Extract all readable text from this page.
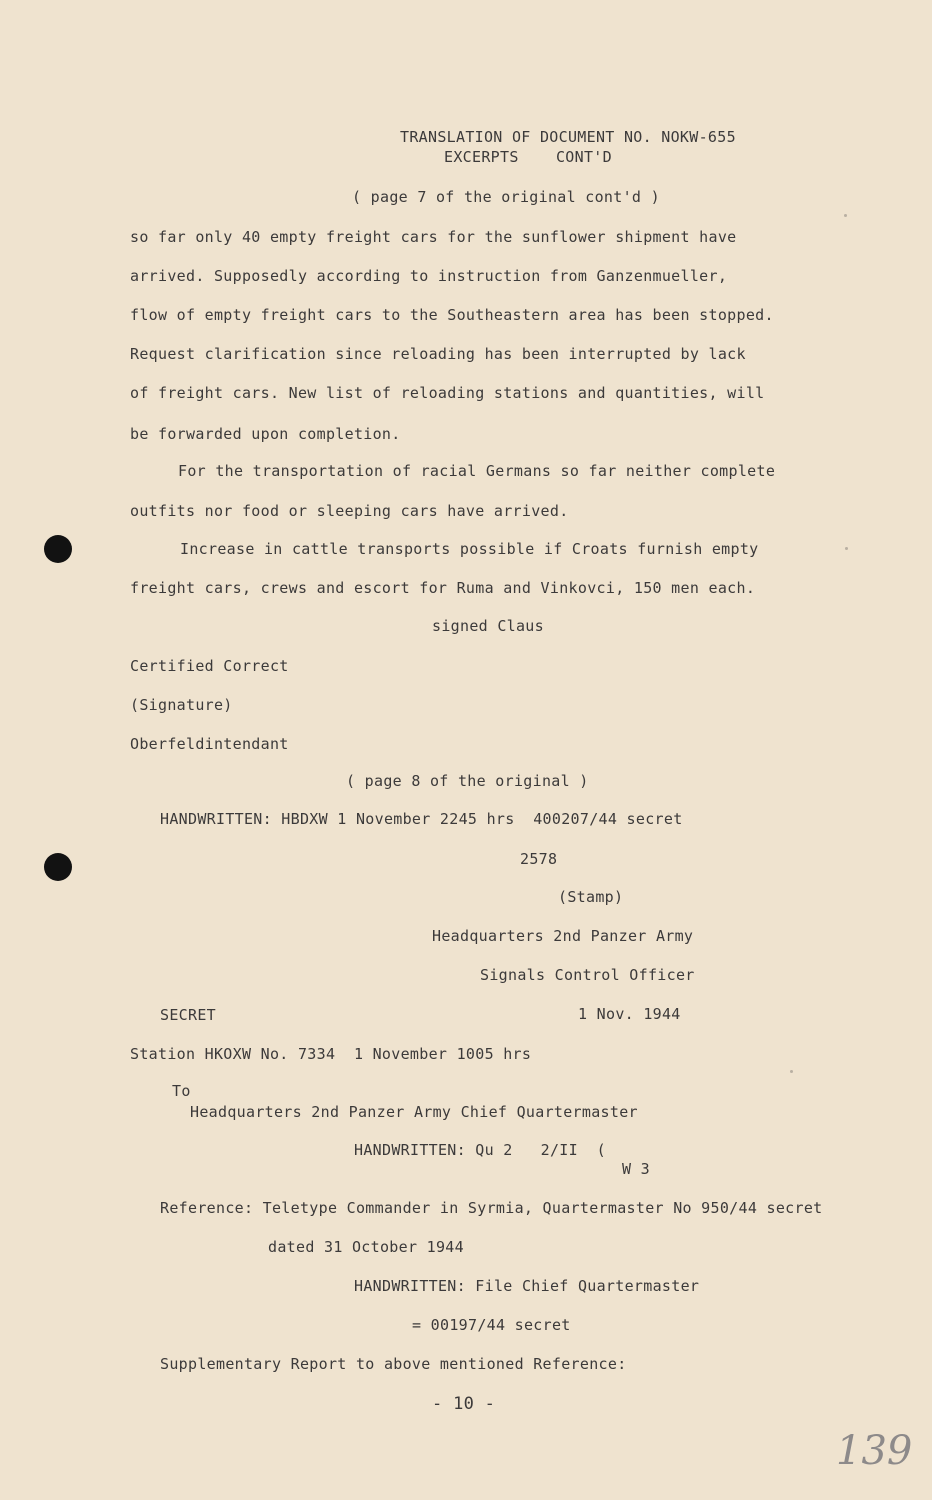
TRANSLATION OF DOCUMENT NO. NOKW-655
EXCERPTS    CONT'D
( page 7 of the original cont'd )
so far only 40 empty freight cars for the sunflower shipment have
arrived. Supposedly according to instruction from Ganzenmueller,
flow of empty freight cars to the Southeastern area has been stopped.
Request clarification since reloading has been interrupted by lack
of freight cars. New list of reloading stations and quantities, will
be forwarded upon completion.
For the transportation of racial Germans so far neither complete
outfits nor food or sleeping cars have arrived.
Increase in cattle transports possible if Croats furnish empty
freight cars, crews and escort for Ruma and Vinkovci, 150 men each.
signed Claus
Certified Correct
(Signature)
Oberfeldintendant
( page 8 of the original )
HANDWRITTEN: HBDXW 1 November 2245 hrs  400207/44 secret
2578
(Stamp)
Headquarters 2nd Panzer Army
Signals Control Officer
SECRET	1 Nov. 1944
Station HKOXW No. 7334  1 November 1005 hrs
To
Headquarters 2nd Panzer Army Chief Quartermaster
HANDWRITTEN: Qu 2   2/II  (
W 3
Reference: Teletype Commander in Syrmia, Quartermaster No 950/44 secret
dated 31 October 1944
HANDWRITTEN: File Chief Quartermaster
= 00197/44 secret
Supplementary Report to above mentioned Reference:
- 10 -
139
